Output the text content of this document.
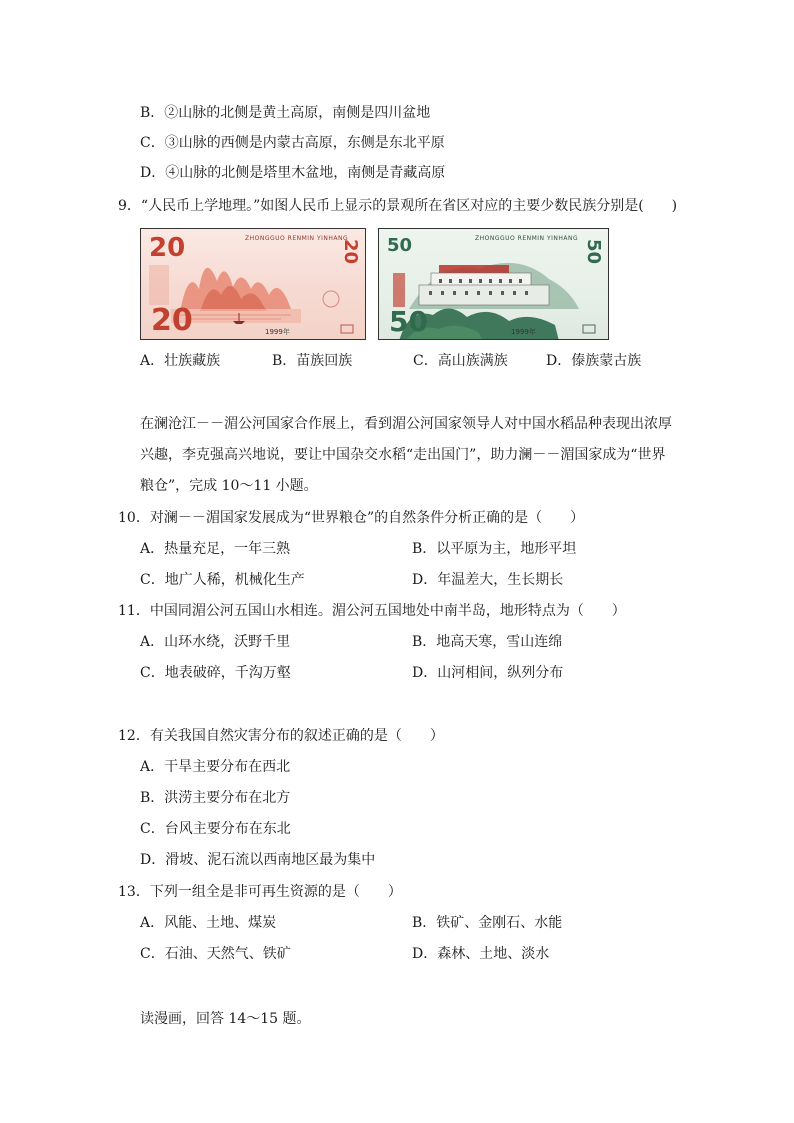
B．②山脉的北侧是黄土高原，南侧是四川盆地
C．③山脉的西侧是内蒙古高原，东侧是东北平原
D．④山脉的北侧是塔里木盆地，南侧是青藏高原
9．“人民币上学地理。”如图人民币上显示的景观所在省区对应的主要少数民族分别是(　　)
20	ZHONGGUO RENMIN YINHANG
20
20	1999年
50	ZHONGGUO RENMIN YINHANG
50
50	1999年
A．壮族藏族	B．苗族回族	C．高山族满族	D．傣族蒙古族
在澜沧江－－湄公河国家合作展上，看到湄公河国家领导人对中国水稻品种表现出浓厚
兴趣，李克强高兴地说，要让中国杂交水稻“走出国门”，助力澜－－湄国家成为“世界
粮仓”，完成 10～11 小题。
10．对澜－－湄国家发展成为“世界粮仓”的自然条件分析正确的是（　　）
A．热量充足，一年三熟	B．以平原为主，地形平坦
C．地广人稀，机械化生产	D．年温差大，生长期长
11．中国同湄公河五国山水相连。湄公河五国地处中南半岛，地形特点为（　　）
A．山环水绕，沃野千里	B．地高天寒，雪山连绵
C．地表破碎，千沟万壑	D．山河相间，纵列分布
12．有关我国自然灾害分布的叙述正确的是（　　）
A．干旱主要分布在西北
B．洪涝主要分布在北方
C．台风主要分布在东北
D．滑坡、泥石流以西南地区最为集中
13．下列一组全是非可再生资源的是（　　）
A．风能、土地、煤炭	B．铁矿、金刚石、水能
C．石油、天然气、铁矿	D．森林、土地、淡水
读漫画，回答 14～15 题。
